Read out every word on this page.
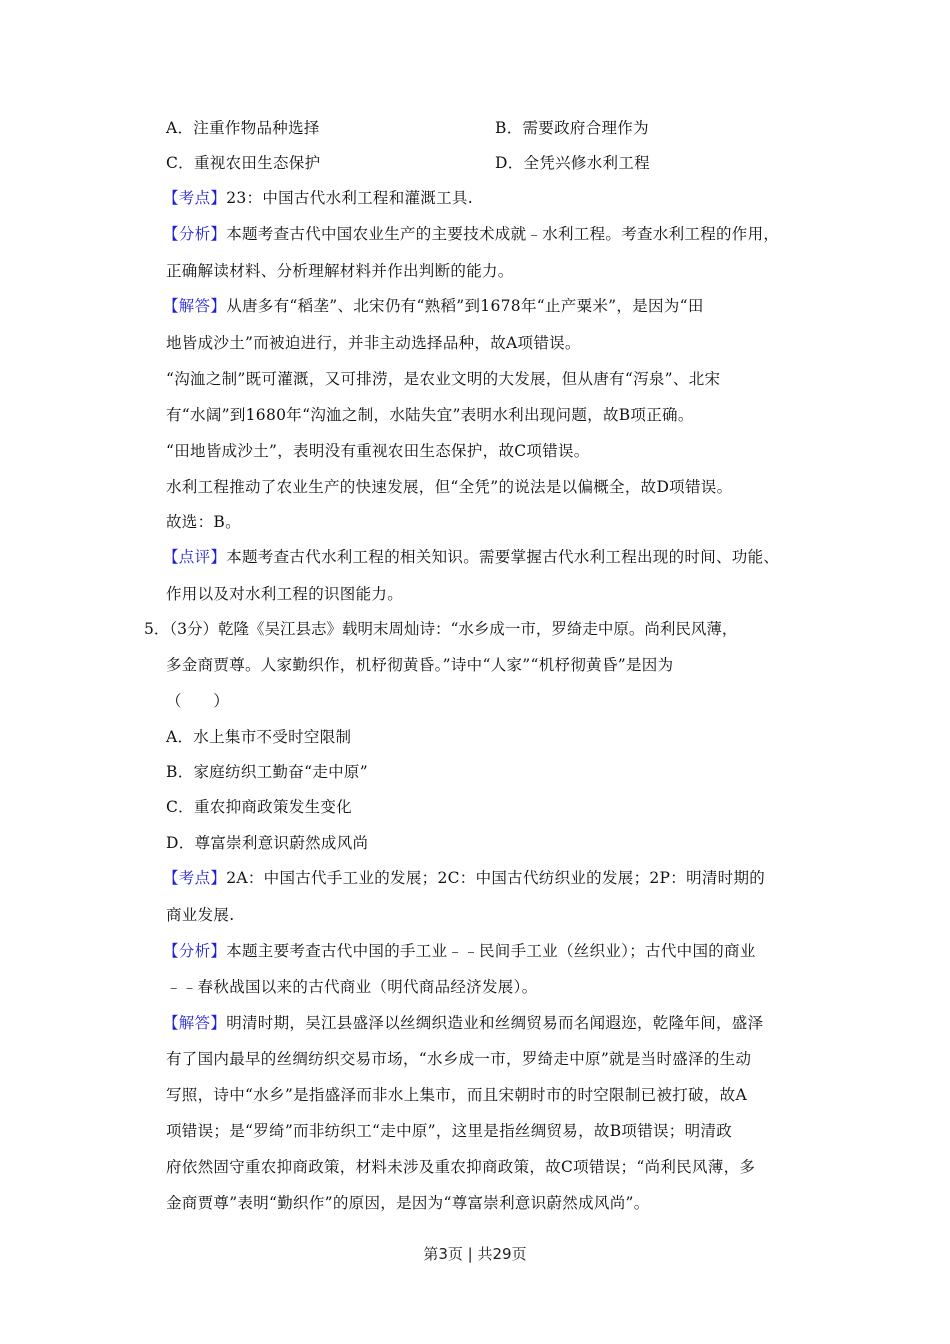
A．注重作物品种选择	B．需要政府合理作为
C．重视农田生态保护	D．全凭兴修水利工程
【考点】23：中国古代水利工程和灌溉工具.
【分析】本题考查古代中国农业生产的主要技术成就﹣水利工程。考查水利工程的作用，
正确解读材料、分析理解材料并作出判断的能力。
【解答】从唐多有“稻垄”、北宋仍有“熟稻”到1678年“止产粟米”，是因为“田
地皆成沙土”而被迫进行，并非主动选择品种，故A项错误。
“沟洫之制”既可灌溉，又可排涝，是农业文明的大发展，但从唐有“泻泉”、北宋
有“水阔”到1680年“沟洫之制，水陆失宜”表明水利出现问题，故B项正确。
“田地皆成沙土”，表明没有重视农田生态保护，故C项错误。
水利工程推动了农业生产的快速发展，但“全凭”的说法是以偏概全，故D项错误。
故选：B。
【点评】本题考查古代水利工程的相关知识。需要掌握古代水利工程出现的时间、功能、
作用以及对水利工程的识图能力。
5．（3分）乾隆《吴江县志》载明末周灿诗：“水乡成一市，罗绮走中原。尚利民风薄，
多金商贾尊。人家勤织作，机杼彻黄昏。”诗中“人家”“机杼彻黄昏”是因为
（　　）
A．水上集市不受时空限制
B．家庭纺织工勤奋“走中原”
C．重农抑商政策发生变化
D．尊富崇利意识蔚然成风尚
【考点】2A：中国古代手工业的发展；2C：中国古代纺织业的发展；2P：明清时期的
商业发展.
【分析】本题主要考查古代中国的手工业﹣﹣民间手工业（丝织业）；古代中国的商业
﹣﹣春秋战国以来的古代商业（明代商品经济发展）。
【解答】明清时期，吴江县盛泽以丝绸织造业和丝绸贸易而名闻遐迩，乾隆年间，盛泽
有了国内最早的丝绸纺织交易市场，“水乡成一市，罗绮走中原”就是当时盛泽的生动
写照，诗中“水乡”是指盛泽而非水上集市，而且宋朝时市的时空限制已被打破，故A
项错误；是“罗绮”而非纺织工“走中原”，这里是指丝绸贸易，故B项错误；明清政
府依然固守重农抑商政策，材料未涉及重农抑商政策，故C项错误；“尚利民风薄，多
金商贾尊”表明“勤织作”的原因，是因为“尊富崇利意识蔚然成风尚”。
第3页 | 共29页
